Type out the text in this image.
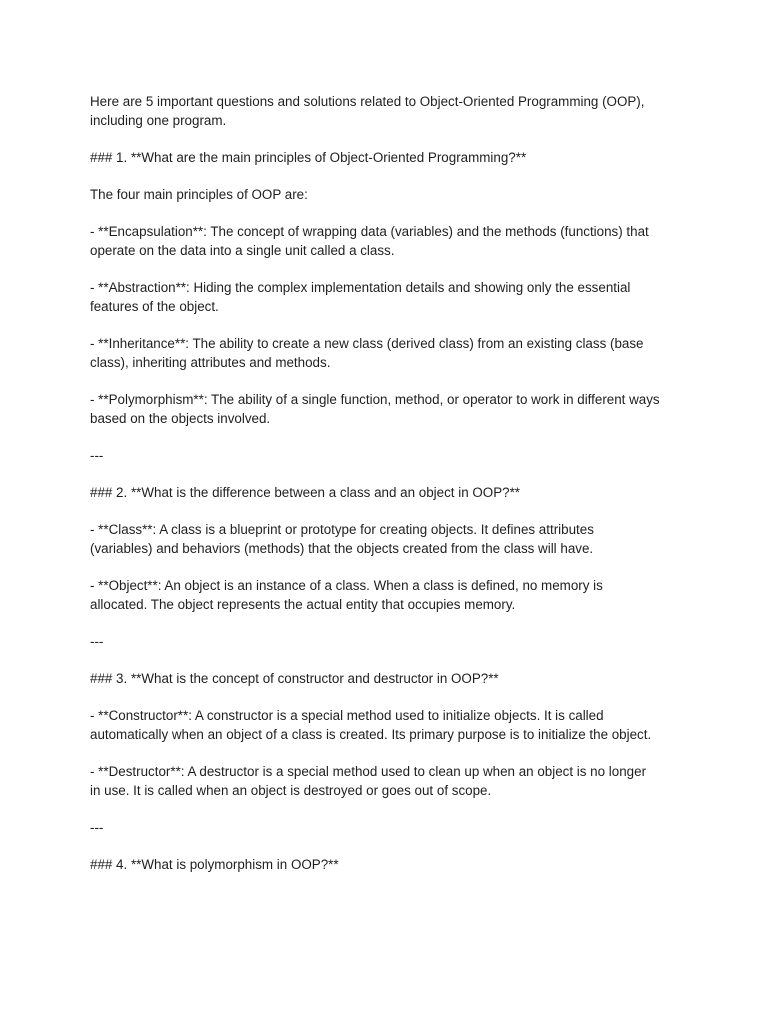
Here are 5 important questions and solutions related to Object-Oriented Programming (OOP),
including one program.

### 1. **What are the main principles of Object-Oriented Programming?**

The four main principles of OOP are:

- **Encapsulation**: The concept of wrapping data (variables) and the methods (functions) that
operate on the data into a single unit called a class.

- **Abstraction**: Hiding the complex implementation details and showing only the essential
features of the object.

- **Inheritance**: The ability to create a new class (derived class) from an existing class (base
class), inheriting attributes and methods.

- **Polymorphism**: The ability of a single function, method, or operator to work in different ways
based on the objects involved.

---

### 2. **What is the difference between a class and an object in OOP?**

- **Class**: A class is a blueprint or prototype for creating objects. It defines attributes
(variables) and behaviors (methods) that the objects created from the class will have.

- **Object**: An object is an instance of a class. When a class is defined, no memory is
allocated. The object represents the actual entity that occupies memory.

---

### 3. **What is the concept of constructor and destructor in OOP?**

- **Constructor**: A constructor is a special method used to initialize objects. It is called
automatically when an object of a class is created. Its primary purpose is to initialize the object.

- **Destructor**: A destructor is a special method used to clean up when an object is no longer
in use. It is called when an object is destroyed or goes out of scope.

---

### 4. **What is polymorphism in OOP?**
